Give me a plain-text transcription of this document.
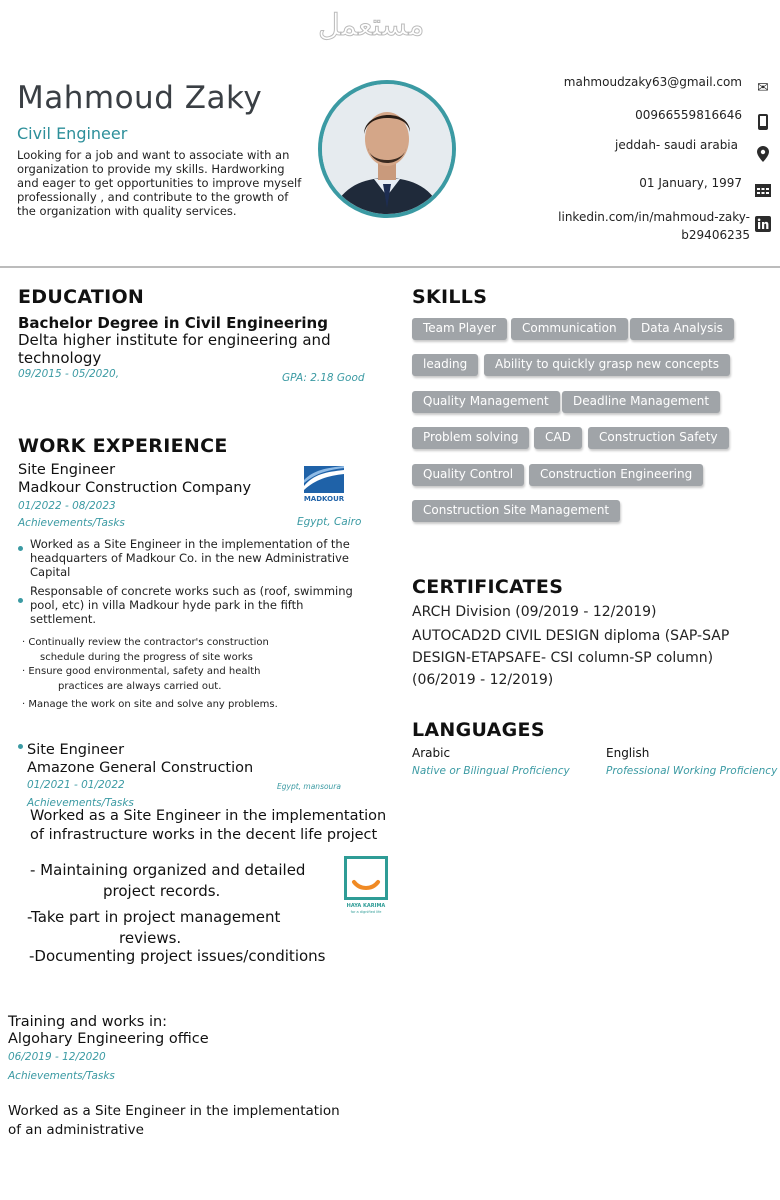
مستعمل
Mahmoud Zaky
Civil Engineer
Looking for a job and want to associate with an organization to provide my skills. Hardworking and eager to get opportunities to improve myself professionally , and contribute to the growth of the organization with quality services.
mahmoudzaky63@gmail.com ✉
00966559816646
jeddah- saudi arabia
01 January, 1997
linkedin.com/in/mahmoud-zaky-
b29406235
EDUCATION
Bachelor Degree in Civil Engineering
Delta higher institute for engineering and technology
09/2015 - 05/2020,	GPA: 2.18 Good
WORK EXPERIENCE
Site Engineer
Madkour Construction Company
01/2022 - 08/2023
Egypt, Cairo
Achievements/Tasks
MADKOUR
Worked as a Site Engineer in the implementation of the headquarters of Madkour Co. in the new Administrative Capital
Responsable of concrete works such as (roof, swimming pool, etc) in villa Madkour hyde park in the fifth settlement.
· Continually review the contractor's construction
schedule during the progress of site works
· Ensure good environmental, safety and health
practices are always carried out.
· Manage the work on site and solve any problems.
Site Engineer
Amazone General Construction
01/2021 - 01/2022	Egypt, mansoura
Achievements/Tasks
Worked as a Site Engineer in the implementation
of infrastructure works in the decent life project
- Maintaining organized and detailed
project records.
-Take part in project management
reviews.
-Documenting project issues/conditions
HAYA KARIMA
for a dignified life
Training and works in:
Algohary Engineering office
06/2019 - 12/2020
Achievements/Tasks
Worked as a Site Engineer in the implementation
of an administrative
SKILLS
Team Player	Communication	Data Analysis
leading	Ability to quickly grasp new concepts
Quality Management	Deadline Management
Problem solving	CAD	Construction Safety
Quality Control	Construction Engineering
Construction Site Management
CERTIFICATES
ARCH Division (09/2019 - 12/2019)
AUTOCAD2D CIVIL DESIGN diploma (SAP-SAP DESIGN-ETAPSAFE- CSI column-SP column) (06/2019 - 12/2019)
LANGUAGES
Arabic
Native or Bilingual Proficiency
English
Professional Working Proficiency
